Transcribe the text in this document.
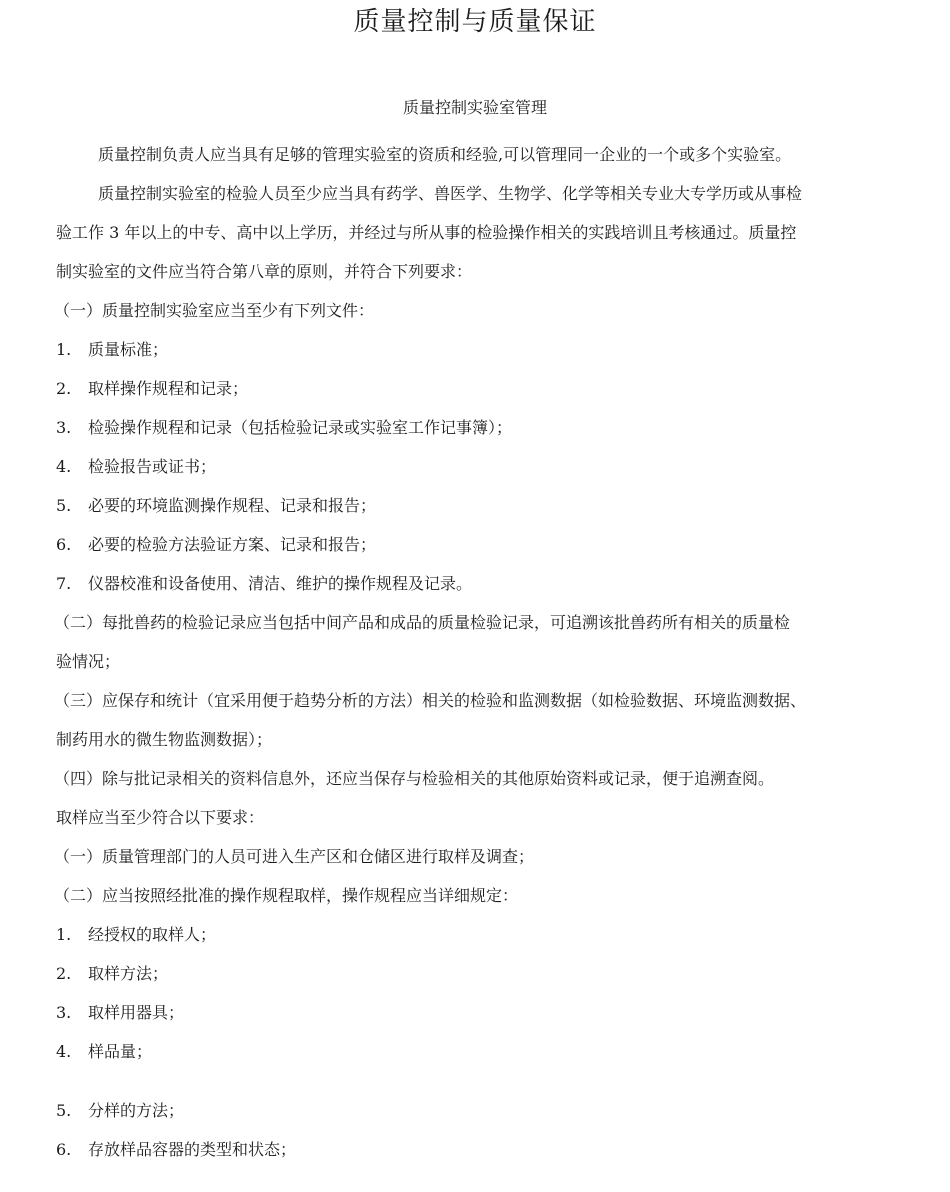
质量控制与质量保证
质量控制实验室管理
质量控制负责人应当具有足够的管理实验室的资质和经验,可以管理同一企业的一个或多个实验室。
质量控制实验室的检验人员至少应当具有药学、兽医学、生物学、化学等相关专业大专学历或从事检
验工作 3 年以上的中专、高中以上学历，并经过与所从事的检验操作相关的实践培训且考核通过。质量控
制实验室的文件应当符合第八章的原则，并符合下列要求：
（一）质量控制实验室应当至少有下列文件：
1. 质量标准；
2. 取样操作规程和记录；
3. 检验操作规程和记录（包括检验记录或实验室工作记事簿）；
4. 检验报告或证书；
5. 必要的环境监测操作规程、记录和报告；
6. 必要的检验方法验证方案、记录和报告；
7. 仪器校准和设备使用、清洁、维护的操作规程及记录。
（二）每批兽药的检验记录应当包括中间产品和成品的质量检验记录，可追溯该批兽药所有相关的质量检
验情况；
（三）应保存和统计（宜采用便于趋势分析的方法）相关的检验和监测数据（如检验数据、环境监测数据、
制药用水的微生物监测数据）；
（四）除与批记录相关的资料信息外，还应当保存与检验相关的其他原始资料或记录，便于追溯查阅。
取样应当至少符合以下要求：
（一）质量管理部门的人员可进入生产区和仓储区进行取样及调查；
（二）应当按照经批准的操作规程取样，操作规程应当详细规定：
1. 经授权的取样人；
2. 取样方法；
3. 取样用器具；
4. 样品量；
5. 分样的方法；
6. 存放样品容器的类型和状态；
